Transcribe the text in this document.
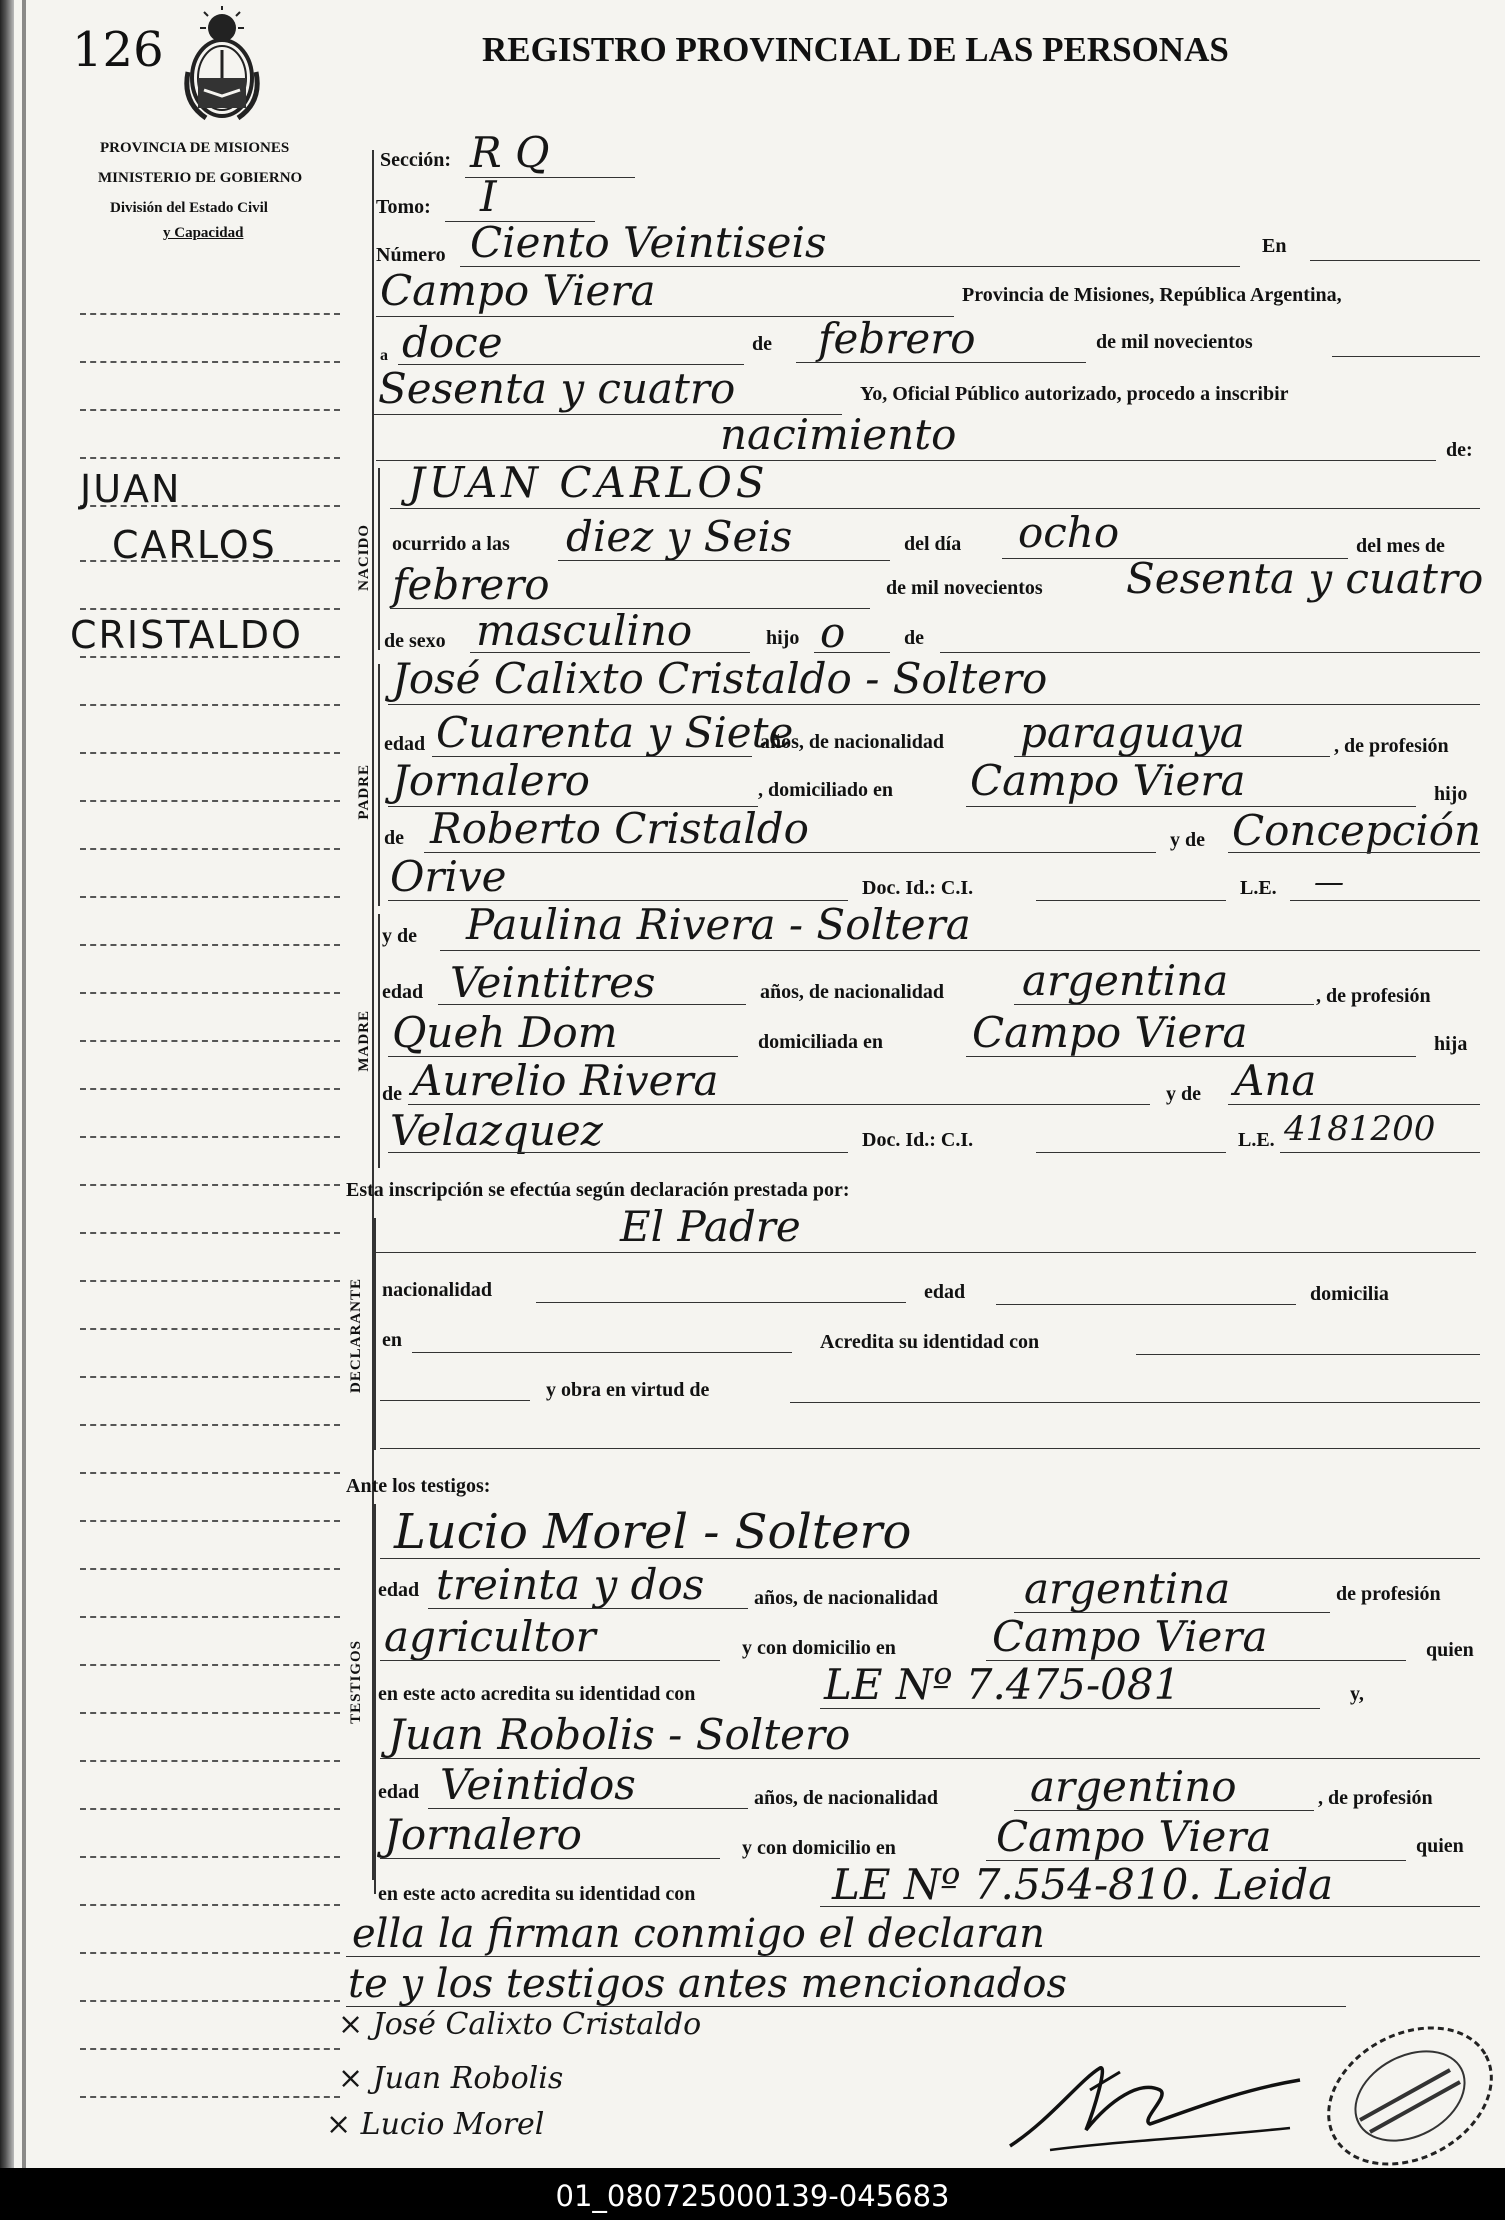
126	REGISTRO PROVINCIAL DE LAS PERSONAS
PROVINCIA DE MISIONES
MINISTERIO DE GOBIERNO
División del Estado Civil
y Capacidad
JUAN
CARLOS
CRISTALDO
Sección: R Q
Tomo: I
Número Ciento Veintiseis	En
Campo Viera	Provincia de Misiones, República Argentina,
a doce	de febrero	de mil novecientos
Sesenta y cuatro	Yo, Oficial Público autorizado, procedo a inscribir
nacimiento	de:
NACIDO
JUAN CARLOS
ocurrido a las diez y Seis	del día ocho	del mes de
febrero	de mil novecientos Sesenta y cuatro
de sexo masculino	hijo o	de
PADRE
José Calixto Cristaldo - Soltero
edad Cuarenta y Siete
años, de nacionalidad paraguaya	, de profesión
Jornalero	, domiciliado en Campo Viera	hijo
de Roberto Cristaldo	y de Concepción
Orive	Doc. Id.: C.I.	L.E. —
MADRE
y de Paulina Rivera - Soltera
edad Veintitres	años, de nacionalidad argentina	, de profesión
Queh Dom	domiciliada en Campo Viera	hija
de Aurelio Rivera	y de Ana
Velazquez	Doc. Id.: C.I.	L.E. 4181200
Esta inscripción se efectúa según declaración prestada por:
El Padre
DECLARANTE nacionalidad	edad	domicilia
en	Acredita su identidad con
y obra en virtud de
Ante los testigos:
TESTIGOS
Lucio Morel - Soltero
edad treinta y dos años, de nacionalidad argentina	de profesión
agricultor	y con domicilio en Campo Viera	quien
en este acto acredita su identidad con	LE Nº 7.475-081	y,
Juan Robolis - Soltero
edad Veintidos	años, de nacionalidad argentino	, de profesión
Jornalero	y con domicilio en Campo Viera	quien
en este acto acredita su identidad con	LE Nº 7.554-810. Leida
ella la firman conmigo el declaran
te y los testigos antes mencionados
× José Calixto Cristaldo
× Juan Robolis
× Lucio Morel
01_080725000139-045683
